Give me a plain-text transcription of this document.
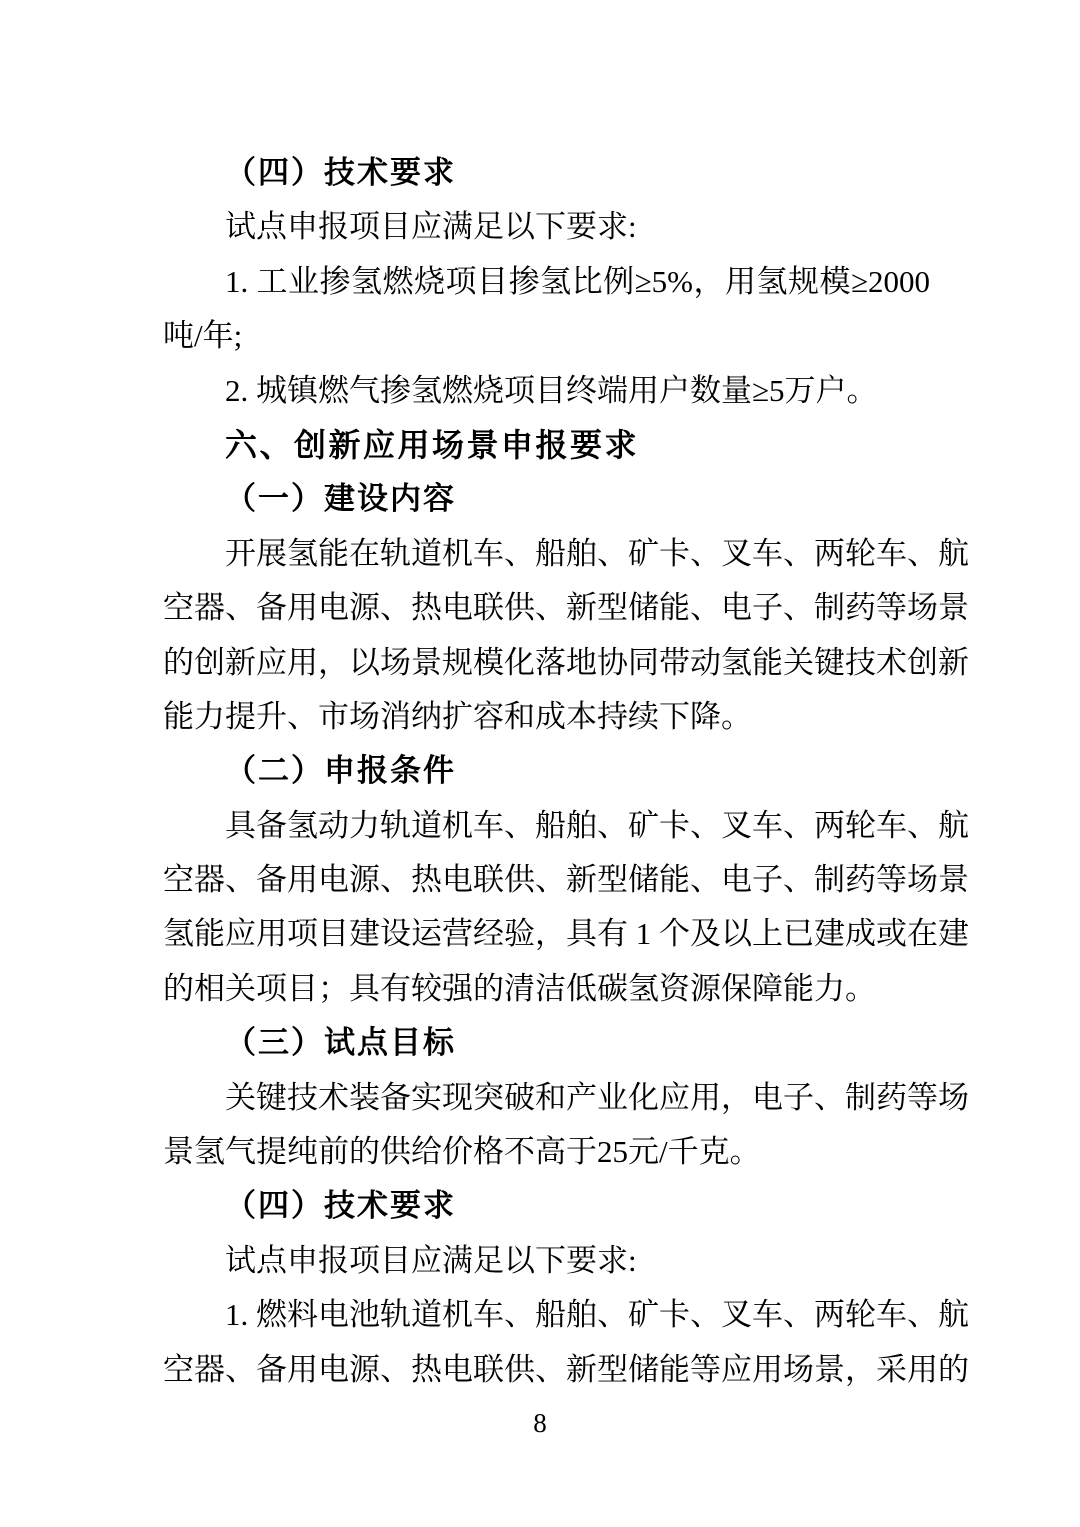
（四）技术要求
试点申报项目应满足以下要求:
1. 工业掺氢燃烧项目掺氢比例≥5%，用氢规模≥2000
吨/年;
2. 城镇燃气掺氢燃烧项目终端用户数量≥5万户。
六、创新应用场景申报要求
（一）建设内容
开展氢能在轨道机车、船舶、矿卡、叉车、两轮车、航
空器、备用电源、热电联供、新型储能、电子、制药等场景
的创新应用，以场景规模化落地协同带动氢能关键技术创新
能力提升、市场消纳扩容和成本持续下降。
（二）申报条件
具备氢动力轨道机车、船舶、矿卡、叉车、两轮车、航
空器、备用电源、热电联供、新型储能、电子、制药等场景
氢能应用项目建设运营经验，具有 1 个及以上已建成或在建
的相关项目；具有较强的清洁低碳氢资源保障能力。
（三）试点目标
关键技术装备实现突破和产业化应用，电子、制药等场
景氢气提纯前的供给价格不高于25元/千克。
（四）技术要求
试点申报项目应满足以下要求:
1. 燃料电池轨道机车、船舶、矿卡、叉车、两轮车、航
空器、备用电源、热电联供、新型储能等应用场景，采用的
8
